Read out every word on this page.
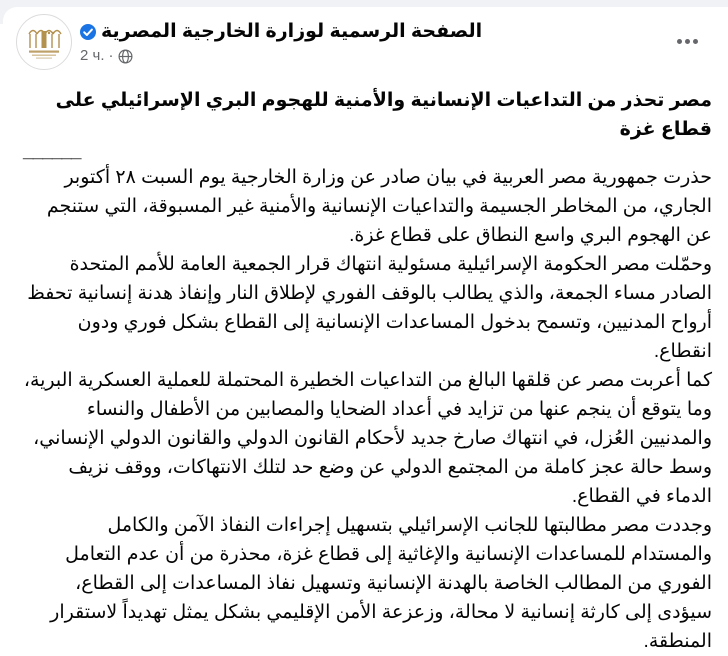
الصفحة الرسمية لوزارة الخارجية المصرية
2 ч. ·
مصر تحذر من التداعيات الإنسانية والأمنية للهجوم البري الإسرائيلي على قطاع غزة
______

حذرت جمهورية مصر العربية في بيان صادر عن وزارة الخارجية يوم السبت ٢٨ أكتوبر الجاري، من المخاطر الجسيمة والتداعيات الإنسانية والأمنية غير المسبوقة، التي ستنجم عن الهجوم البري واسع النطاق على قطاع غزة.

وحمّلت مصر الحكومة الإسرائيلية مسئولية انتهاك قرار الجمعية العامة للأمم المتحدة الصادر مساء الجمعة، والذي يطالب بالوقف الفوري لإطلاق النار وإنفاذ هدنة إنسانية تحفظ أرواح المدنيين، وتسمح بدخول المساعدات الإنسانية إلى القطاع بشكل فوري ودون انقطاع.

كما أعربت مصر عن قلقها البالغ من التداعيات الخطيرة المحتملة للعملية العسكرية البرية، وما يتوقع أن ينجم عنها من تزايد في أعداد الضحايا والمصابين من الأطفال والنساء والمدنيين العُزل، في انتهاك صارخ جديد لأحكام القانون الدولي والقانون الدولي الإنساني، وسط حالة عجز كاملة من المجتمع الدولي عن وضع حد لتلك الانتهاكات، ووقف نزيف الدماء في القطاع.

وجددت مصر مطالبتها للجانب الإسرائيلي بتسهيل إجراءات النفاذ الآمن والكامل والمستدام للمساعدات الإنسانية والإغاثية إلى قطاع غزة، محذرة من أن عدم التعامل الفوري من المطالب الخاصة بالهدنة الإنسانية وتسهيل نفاذ المساعدات إلى القطاع، سيؤدى إلى كارثة إنسانية لا محالة، وزعزعة الأمن الإقليمي بشكل يمثل تهديداً لاستقرار المنطقة.
